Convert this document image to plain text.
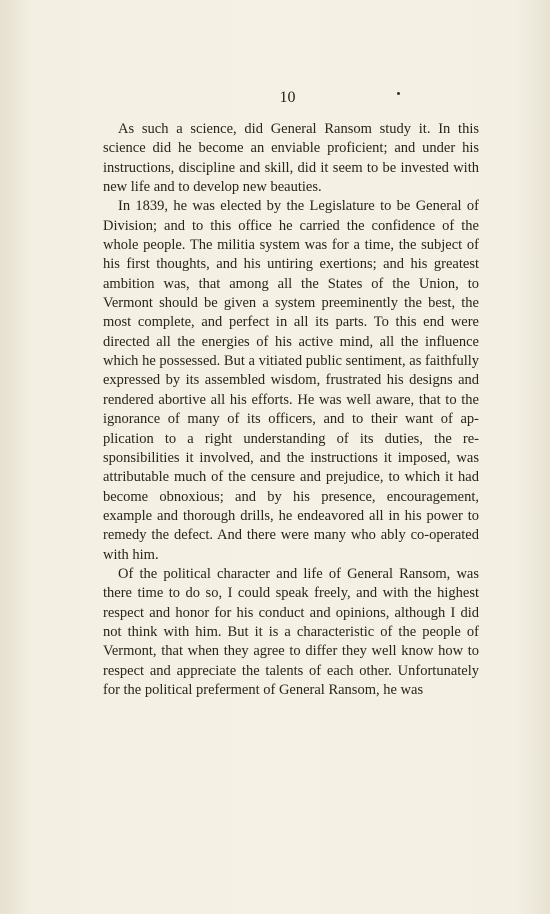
10

As such a science, did General Ransom study it. In this science did he become an enviable proficient; and under his instructions, discipline and skill, did it seem to be invested with new life and to develop new beauties.

In 1839, he was elected by the Legislature to be General of Division; and to this office he carried the confidence of the whole people. The militia system was for a time, the subject of his first thoughts, and his untiring exertions; and his greatest ambition was, that among all the States of the Union, to Vermont should be given a system preeminently the best, the most complete, and perfect in all its parts. To this end were directed all the energies of his active mind, all the influence which he possessed. But a vitiated public sentiment, as faithfully expressed by its assembled wisdom, frustrated his designs and rendered abortive all his efforts. He was well aware, that to the ignorance of many of its officers, and to their want of application to a right understanding of its duties, the responsibilities it involved, and the instructions it imposed, was attributable much of the censure and prejudice, to which it had become obnoxious; and by his presence, encouragement, example and thorough drills, he endeavored all in his power to remedy the defect. And there were many who ably co-operated with him.

Of the political character and life of General Ransom, was there time to do so, I could speak freely, and with the highest respect and honor for his conduct and opinions, although I did not think with him. But it is a characteristic of the people of Vermont, that when they agree to differ they well know how to respect and appreciate the talents of each other. Unfortunately for the political preferment of General Ransom, he was
